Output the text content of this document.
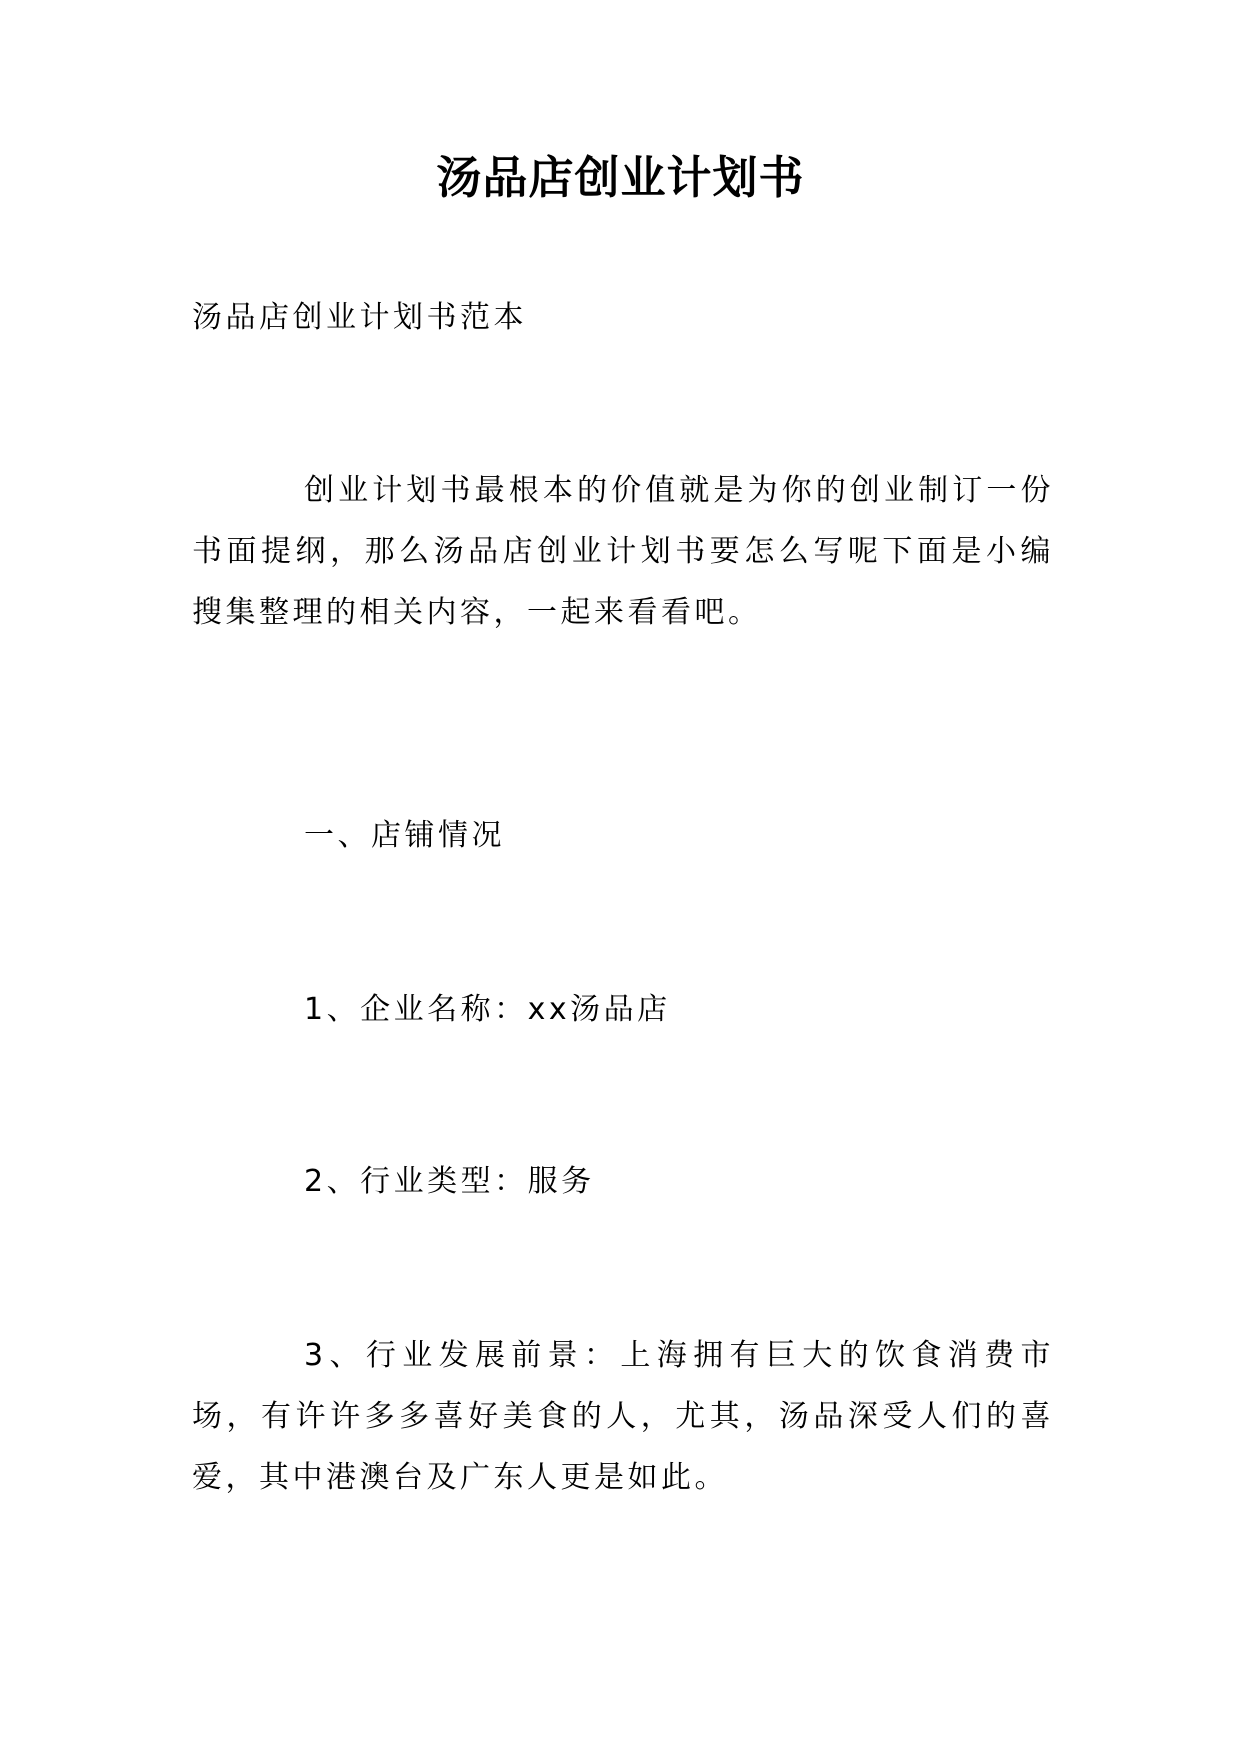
汤品店创业计划书
汤品店创业计划书范本
创业计划书最根本的价值就是为你的创业制订一份书面提纲，那么汤品店创业计划书要怎么写呢下面是小编搜集整理的相关内容，一起来看看吧。
一、店铺情况
1、企业名称：xx汤品店
2、行业类型：服务
3、行业发展前景：上海拥有巨大的饮食消费市场，有许许多多喜好美食的人，尤其，汤品深受人们的喜爱，其中港澳台及广东人更是如此。
